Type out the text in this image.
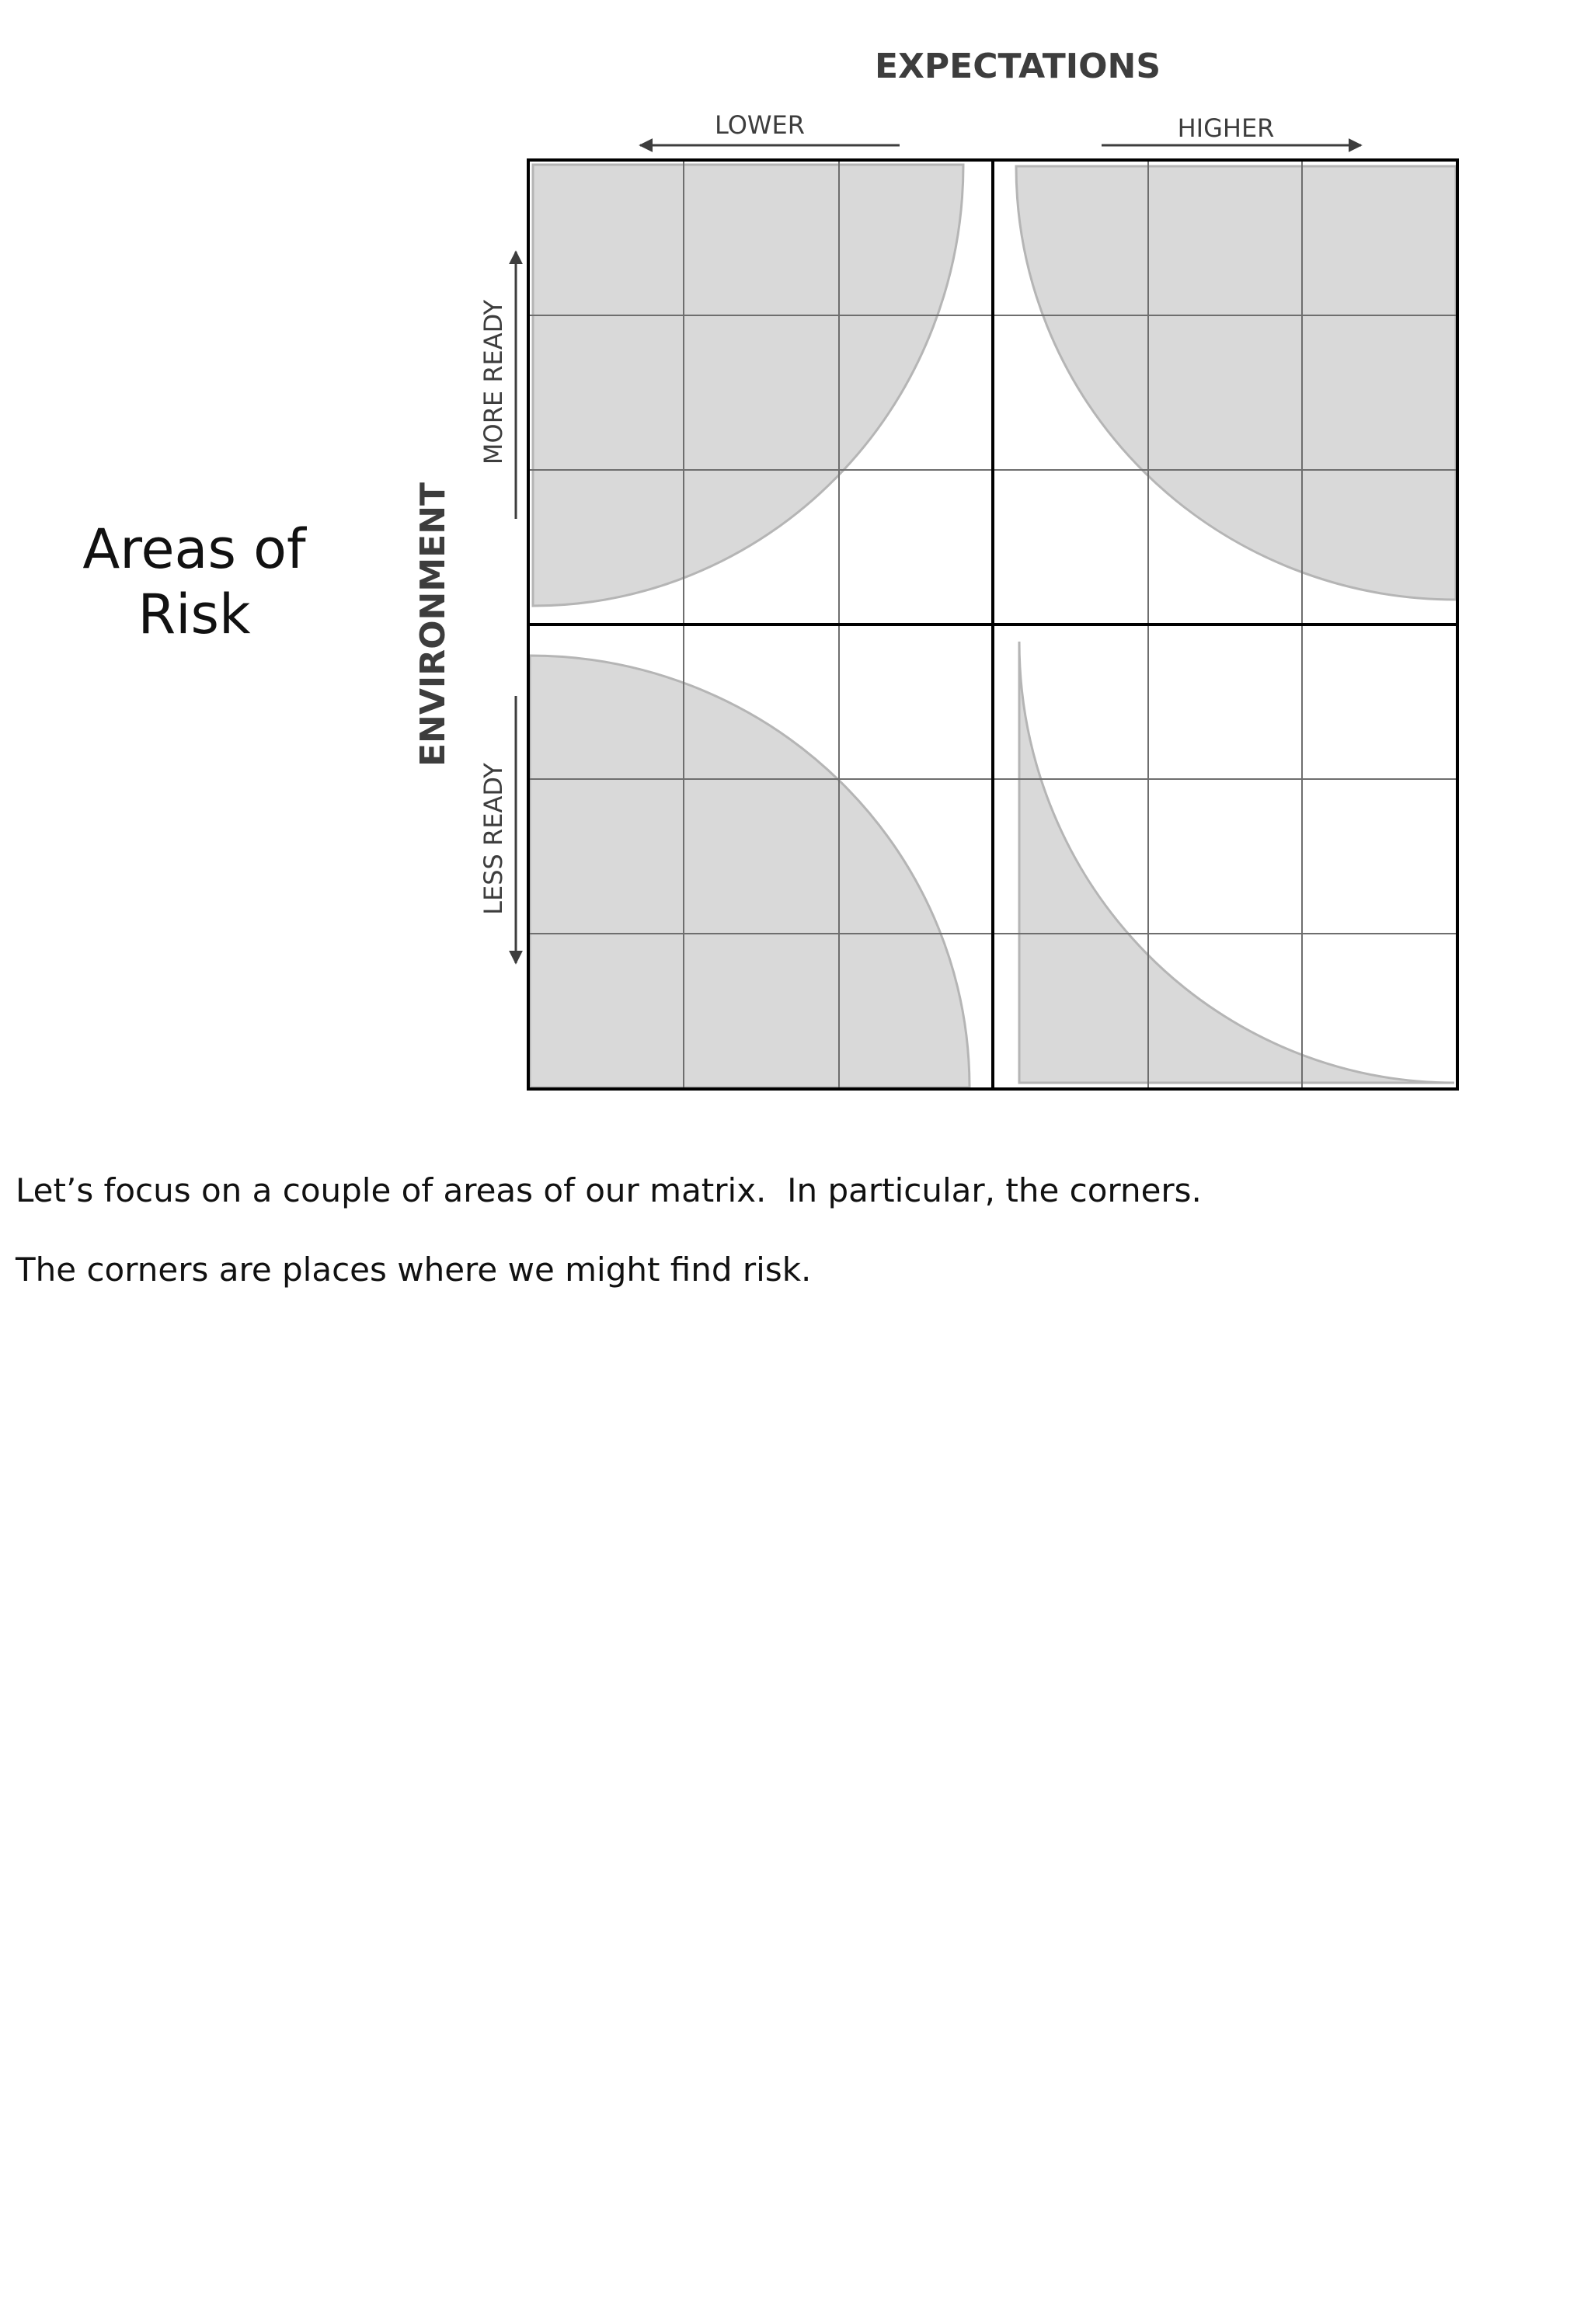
Areas of
Risk
EXPECTATIONS
ENVIRONMENT
LOWER	HIGHER
MORE READY
LESS READY

Let’s focus on a couple of areas of our matrix.  In particular, the corners.

The corners are places where we might find risk.
